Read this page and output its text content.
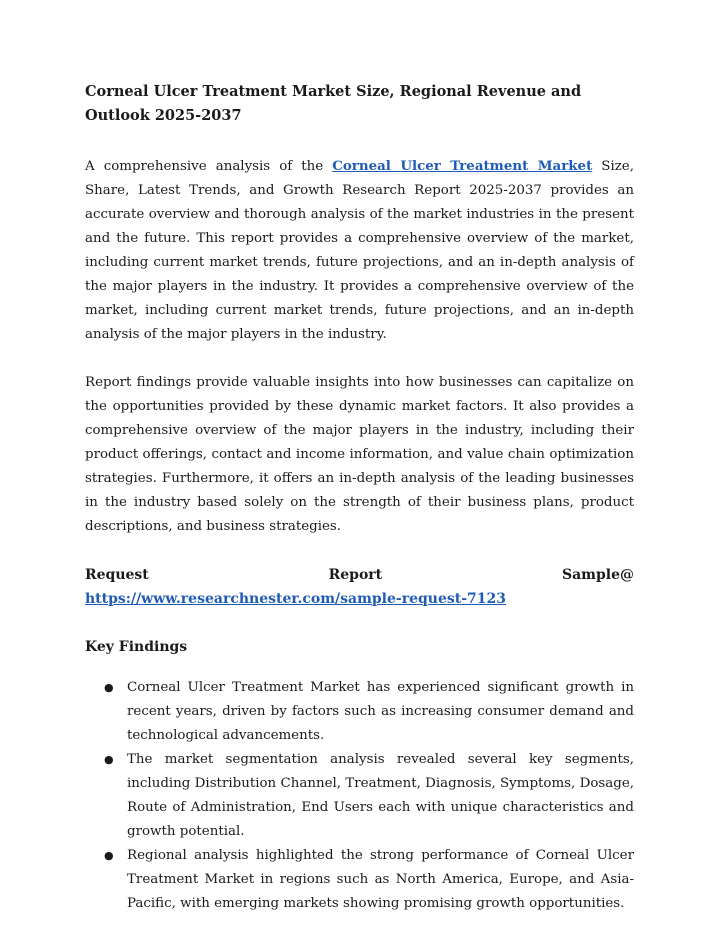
Corneal Ulcer Treatment Market Size, Regional Revenue and Outlook 2025-2037

A comprehensive analysis of the Corneal Ulcer Treatment Market Size, Share, Latest Trends, and Growth Research Report 2025-2037 provides an accurate overview and thorough analysis of the market industries in the present and the future. This report provides a comprehensive overview of the market, including current market trends, future projections, and an in-depth analysis of the major players in the industry. It provides a comprehensive overview of the market, including current market trends, future projections, and an in-depth analysis of the major players in the industry.

Report findings provide valuable insights into how businesses can capitalize on the opportunities provided by these dynamic market factors. It also provides a comprehensive overview of the major players in the industry, including their product offerings, contact and income information, and value chain optimization strategies. Furthermore, it offers an in-depth analysis of the leading businesses in the industry based solely on the strength of their business plans, product descriptions, and business strategies.

Request Report Sample@ https://www.researchnester.com/sample-request-7123

Key Findings
● Corneal Ulcer Treatment Market has experienced significant growth in recent years, driven by factors such as increasing consumer demand and technological advancements.
● The market segmentation analysis revealed several key segments, including Distribution Channel, Treatment, Diagnosis, Symptoms, Dosage, Route of Administration, End Users each with unique characteristics and growth potential.
● Regional analysis highlighted the strong performance of Corneal Ulcer Treatment Market in regions such as North America, Europe, and Asia-Pacific, with emerging markets showing promising growth opportunities.
